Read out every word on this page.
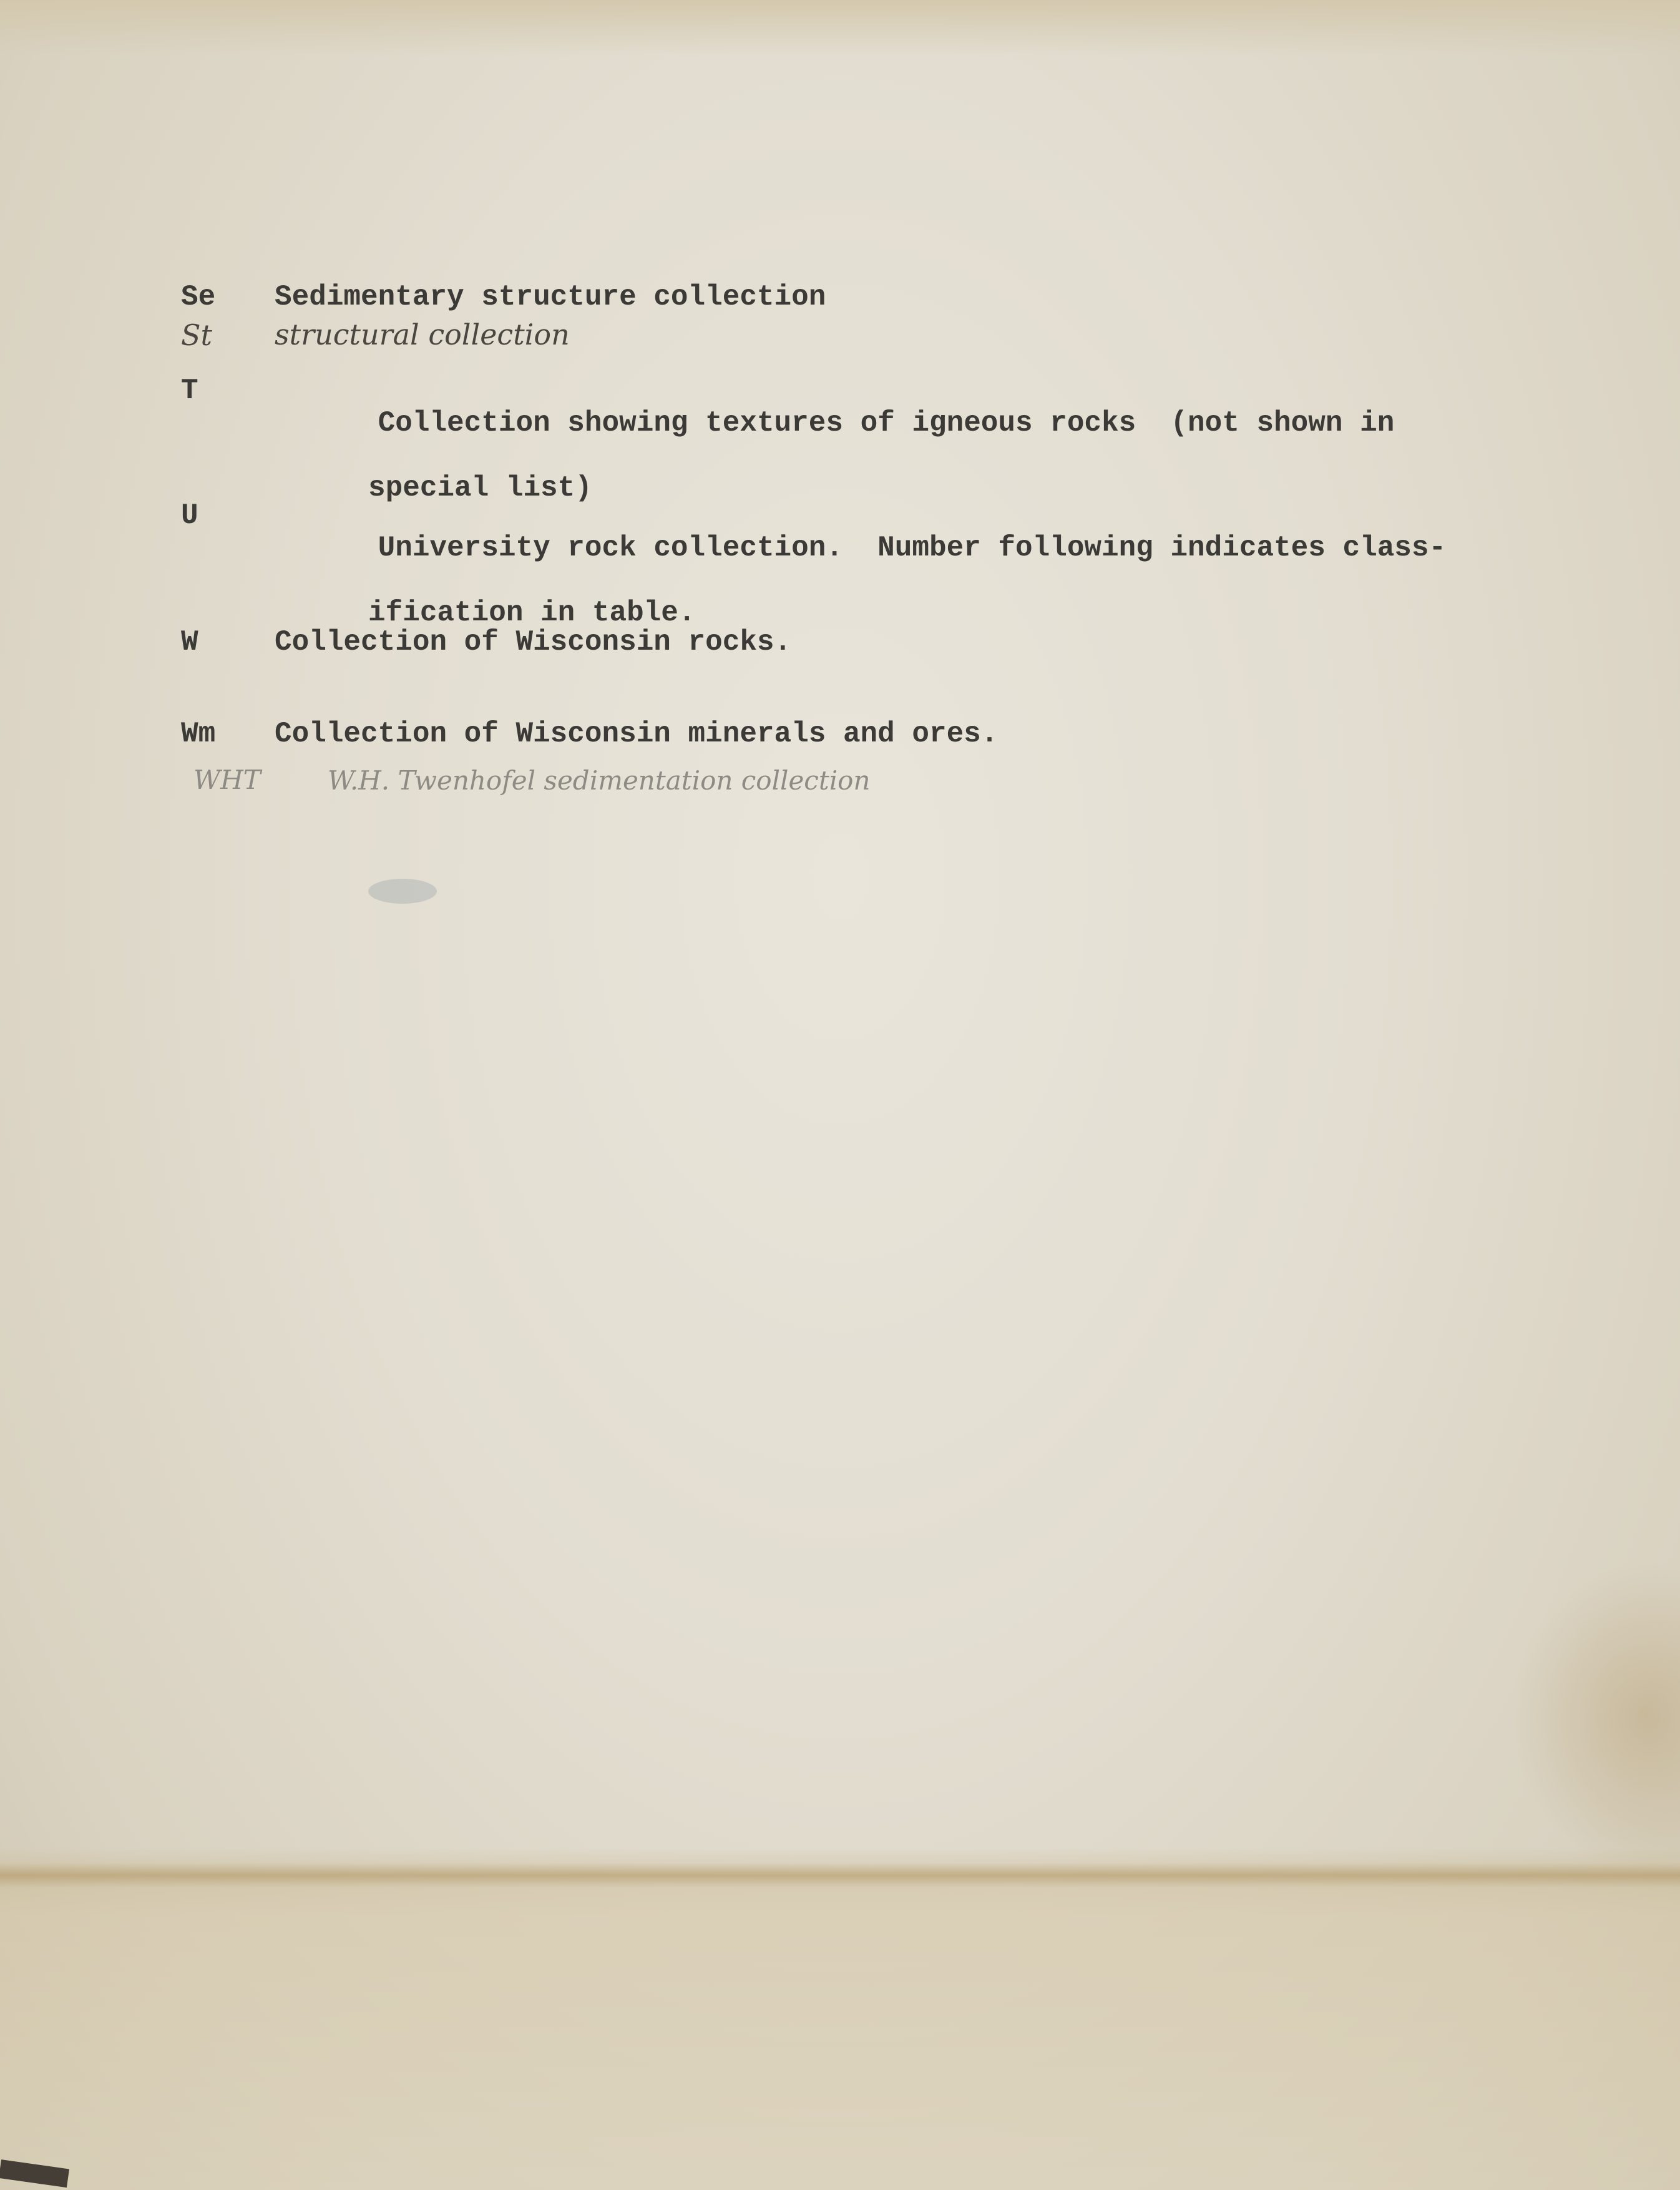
Se Sedimentary structure collection
St structural collection
T

Collection showing textures of igneous rocks  (not shown in

special list)

U

University rock collection.  Number following indicates class-

ification in table.

W	Collection of Wisconsin rocks.
Wm Collection of Wisconsin minerals and ores.
WHT	W.H. Twenhofel sedimentation collection
